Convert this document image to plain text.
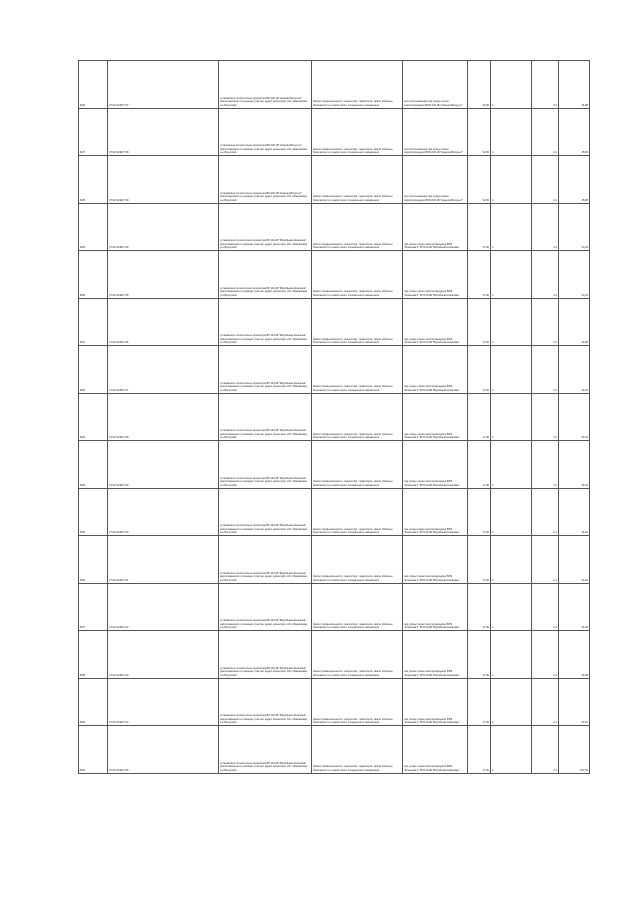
8/26	37:02:014627:37	установлено относительно ориентира ВЛ 220 кВ "Нижняя-Вичуга-2", расположенного в границах участка. адрес ориентира: обл. Ивановская, р-н Вичугский	Земли промышленности, энергетики, транспорта, земли обороны, безопасности и земли иного специального назначения	для использования под опоры линии электропередачи ВЛЭ 220 кВ "Нижняя-Вичуга-2"	32,00	4	0,1	46,98
8/27	37:02:014627:38	установлено относительно ориентира ВЛ 220 кВ "Нижняя-Вичуга-2", расположенного в границах участка. адрес ориентира: обл. Ивановская, р-н Вичугский	Земли промышленности, энергетики, транспорта, земли обороны, безопасности и земли иного специального назначения	для использования под опоры линии электропередачи ВЛЭ 220 кВ "Нижняя-Вичуга-2"	32,00	4	0,1	45,84
8/28	37:02:014627:39	установлено относительно ориентира ВЛ 220 кВ "Нижняя-Вичуга-2", расположенного в границах участка. адрес ориентира: обл. Ивановская, р-н Вичугский	Земли промышленности, энергетики, транспорта, земли обороны, безопасности и земли иного специального назначения	для использования под опоры линии электропередачи ВЛЭ 220 кВ "Нижняя-Вичуга-2"	32,00	4	0,1	45,98
8/29	37:02:014627:34	установлено относительно ориентира ВЛ 110 кВ "Воробьево-Кинешма", расположенного в границах участка. адрес ориентира: обл. Ивановская, р-н Вичугский	Земли промышленности, энергетики, транспорта, земли обороны, безопасности и земли иного специального назначения	под опоры линии электропередачи ВЛЭ "Кинешма-1" ВЛ 110 кВ "Воробьево-Кинешма"	17,00	4	0,1	34,24
8/30	37:02:014627:35	установлено относительно ориентира ВЛ 110 кВ "Воробьево-Кинешма", расположенного в границах участка. адрес ориентира: обл. Ивановская, р-н Вичугский	Земли промышленности, энергетики, транспорта, земли обороны, безопасности и земли иного специального назначения	под опоры линии электропередачи ВЛЭ "Кинешма-1" ВЛ 110 кВ "Воробьево-Кинешма"	17,00	4	0,1	34,34
8/31	37:02:014627:36	установлено относительно ориентира ВЛ 110 кВ "Воробьево-Кинешма", расположенного в границах участка. адрес ориентира: обл. Ивановская, р-н Вичугский	Земли промышленности, энергетики, транспорта, земли обороны, безопасности и земли иного специального назначения	под опоры линии электропередачи ВЛЭ "Кинешма-1" ВЛ 110 кВ "Воробьево-Кинешма"	17,00	4	0,1	36,09
8/32	37:02:014627:37	установлено относительно ориентира ВЛ 110 кВ "Воробьево-Кинешма", расположенного в границах участка. адрес ориентира: обл. Ивановская, р-н Вичугский	Земли промышленности, энергетики, транспорта, земли обороны, безопасности и земли иного специального назначения	под опоры линии электропередачи ВЛЭ "Кинешма-1" ВЛ 110 кВ "Воробьево-Кинешма"	17,00	4	0,1	36,24
8/33	37:02:014627:38	установлено относительно ориентира ВЛ 110 кВ "Воробьево-Кинешма", расположенного в границах участка. адрес ориентира: обл. Ивановская, р-н Вичугский	Земли промышленности, энергетики, транспорта, земли обороны, безопасности и земли иного специального назначения	под опоры линии электропередачи ВЛЭ "Кинешма-1" ВЛ 110 кВ "Воробьево-Кинешма"	17,00	4	0,1	34,34
8/34	37:02:014627:39	установлено относительно ориентира ВЛ 110 кВ "Воробьево-Кинешма", расположенного в границах участка. адрес ориентира: обл. Ивановская, р-н Вичугский	Земли промышленности, энергетики, транспорта, земли обороны, безопасности и земли иного специального назначения	под опоры линии электропередачи ВЛЭ "Кинешма-1" ВЛ 110 кВ "Воробьево-Кинешма"	17,00	4	0,1	36,34
8/35	37:02:014627:40	установлено относительно ориентира ВЛ 110 кВ "Воробьево-Кинешма", расположенного в границах участка. адрес ориентира: обл. Ивановская, р-н Вичугский	Земли промышленности, энергетики, транспорта, земли обороны, безопасности и земли иного специального назначения	под опоры линии электропередачи ВЛЭ "Кинешма-1" ВЛ 110 кВ "Воробьево-Кинешма"	17,00	4	0,1	36,24
8/36	37:02:014627:41	установлено относительно ориентира ВЛ 110 кВ "Воробьево-Кинешма", расположенного в границах участка. адрес ориентира: обл. Ивановская, р-н Вичугский	Земли промышленности, энергетики, транспорта, земли обороны, безопасности и земли иного специального назначения	под опоры линии электропередачи ВЛЭ "Кинешма-1" ВЛ 110 кВ "Воробьево-Кинешма"	17,00	4	2,1	34,24
8/37	37:02:014627:42	установлено относительно ориентира ВЛ 110 кВ "Воробьево-Кинешма", расположенного в границах участка. адрес ориентира: обл. Ивановская, р-н Вичугский	Земли промышленности, энергетики, транспорта, земли обороны, безопасности и земли иного специального назначения	под опоры линии электропередачи ВЛЭ "Кинешма-1" ВЛ 110 кВ "Воробьево-Кинешма"	17,00	4	0,1	36,34
8/38	37:02:014627:43	установлено относительно ориентира ВЛ 110 кВ "Воробьево-Кинешма", расположенного в границах участка. адрес ориентира: обл. Ивановская, р-н Вичугский	Земли промышленности, энергетики, транспорта, земли обороны, безопасности и земли иного специального назначения	под опоры линии электропередачи ВЛЭ "Кинешма-1" ВЛ 110 кВ "Воробьево-Кинешма"	17,00	4	0,1	36,09
8/39	37:02:014627:44	установлено относительно ориентира ВЛ 110 кВ "Воробьево-Кинешма", расположенного в границах участка. адрес ориентира: обл. Ивановская, р-н Вичугский	Земли промышленности, энергетики, транспорта, земли обороны, безопасности и земли иного специального назначения	под опоры линии электропередачи ВЛЭ "Кинешма-1" ВЛ 110 кВ "Воробьево-Кинешма"	17,00	4	2,1	34,24
8/40	37:02:014627:45	установлено относительно ориентира ВЛ 110 кВ "Воробьево-Кинешма", расположенного в границах участка. адрес ориентира: обл. Ивановская, р-н Вичугский	Земли промышленности, энергетики, транспорта, земли обороны, безопасности и земли иного специального назначения	под опоры линии электропередачи ВЛЭ "Кинешма-1" ВЛ 110 кВ "Воробьево-Кинешма"	17,00	4	0,1	121,54
